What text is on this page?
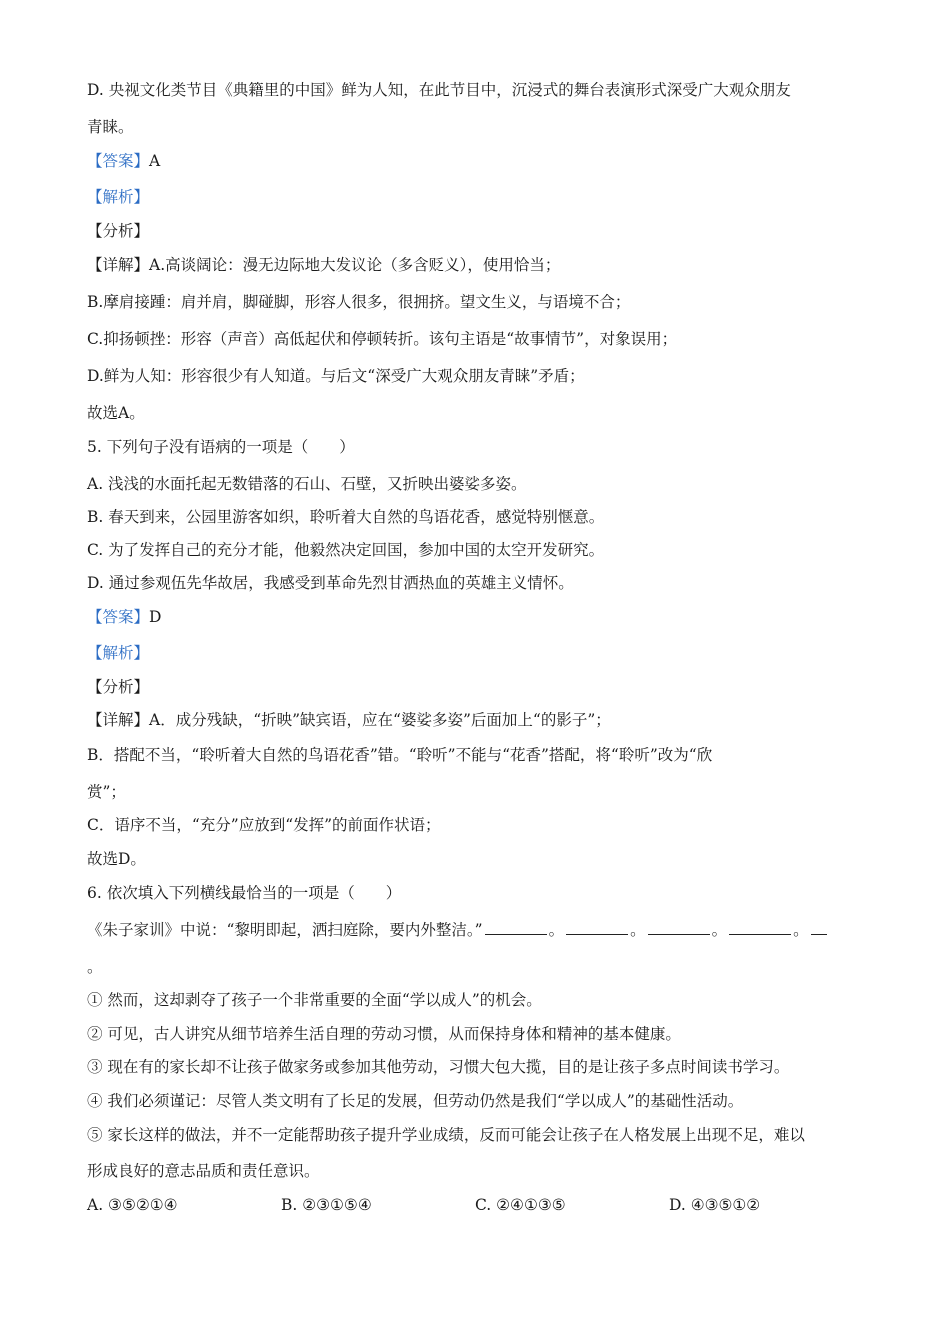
D. 央视文化类节目《典籍里的中国》鲜为人知，在此节目中，沉浸式的舞台表演形式深受广大观众朋友
青睐。
【答案】A
【解析】
【分析】
【详解】A.高谈阔论：漫无边际地大发议论（多含贬义），使用恰当；
B.摩肩接踵：肩并肩，脚碰脚，形容人很多，很拥挤。望文生义，与语境不合；
C.抑扬顿挫：形容（声音）高低起伏和停顿转折。该句主语是“故事情节”，对象误用；
D.鲜为人知：形容很少有人知道。与后文“深受广大观众朋友青睐”矛盾；
故选A。
5. 下列句子没有语病的一项是（　　）
A. 浅浅的水面托起无数错落的石山、石壁，又折映出婆娑多姿。
B. 春天到来，公园里游客如织，聆听着大自然的鸟语花香，感觉特别惬意。
C. 为了发挥自己的充分才能，他毅然决定回国，参加中国的太空开发研究。
D. 通过参观伍先华故居，我感受到革命先烈甘洒热血的英雄主义情怀。
【答案】D
【解析】
【分析】
【详解】A．成分残缺，“折映”缺宾语，应在“婆娑多姿”后面加上“的影子”；
B．搭配不当，“聆听着大自然的鸟语花香”错。“聆听”不能与“花香”搭配，将“聆听”改为“欣
赏”；
C．语序不当，“充分”应放到“发挥”的前面作状语；
故选D。
6. 依次填入下列横线最恰当的一项是（　　）
《朱子家训》中说：“黎明即起，洒扫庭除，要内外整洁。”	。	。	。	。
。
① 然而，这却剥夺了孩子一个非常重要的全面“学以成人”的机会。
② 可见，古人讲究从细节培养生活自理的劳动习惯，从而保持身体和精神的基本健康。
③ 现在有的家长却不让孩子做家务或参加其他劳动，习惯大包大揽，目的是让孩子多点时间读书学习。
④ 我们必须谨记：尽管人类文明有了长足的发展，但劳动仍然是我们“学以成人”的基础性活动。
⑤ 家长这样的做法，并不一定能帮助孩子提升学业成绩，反而可能会让孩子在人格发展上出现不足，难以
形成良好的意志品质和责任意识。
A. ③⑤②①④	B. ②③①⑤④	C. ②④①③⑤	D. ④③⑤①②
